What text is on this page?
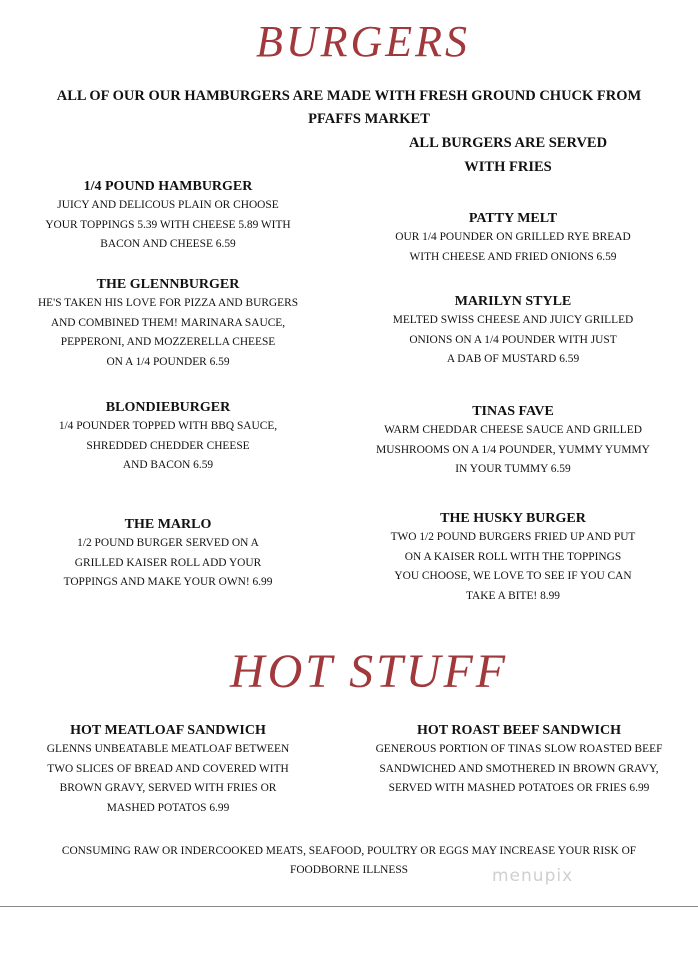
BURGERS
ALL OF OUR OUR HAMBURGERS ARE MADE WITH FRESH GROUND CHUCK FROM
PFAFFS MARKET
ALL BURGERS ARE SERVED
WITH FRIES
1/4 POUND HAMBURGER
JUICY AND DELICOUS PLAIN OR CHOOSE
YOUR TOPPINGS 5.39 WITH CHEESE 5.89 WITH
BACON AND CHEESE 6.59
THE GLENNBURGER
HE'S TAKEN HIS LOVE FOR PIZZA AND BURGERS
AND COMBINED THEM! MARINARA SAUCE,
PEPPERONI, AND MOZZERELLA CHEESE
ON A 1/4 POUNDER 6.59
BLONDIEBURGER
1/4 POUNDER TOPPED WITH BBQ SAUCE,
SHREDDED CHEDDER CHEESE
AND BACON 6.59
THE MARLO
1/2 POUND BURGER SERVED ON A
GRILLED KAISER ROLL ADD YOUR
TOPPINGS AND MAKE YOUR OWN! 6.99
PATTY MELT
OUR 1/4 POUNDER ON GRILLED RYE BREAD
WITH CHEESE AND FRIED ONIONS 6.59
MARILYN STYLE
MELTED SWISS CHEESE AND JUICY GRILLED
ONIONS ON A 1/4 POUNDER WITH JUST
A DAB OF MUSTARD 6.59
TINAS FAVE
WARM CHEDDAR CHEESE SAUCE AND GRILLED
MUSHROOMS ON A 1/4 POUNDER, YUMMY YUMMY
IN YOUR TUMMY 6.59
THE HUSKY BURGER
TWO 1/2 POUND BURGERS FRIED UP AND PUT
ON A KAISER ROLL WITH THE TOPPINGS
YOU CHOOSE, WE LOVE TO SEE IF YOU CAN
TAKE A BITE! 8.99
HOT STUFF
HOT MEATLOAF SANDWICH
GLENNS UNBEATABLE MEATLOAF BETWEEN
TWO SLICES OF BREAD AND COVERED WITH
BROWN GRAVY, SERVED WITH FRIES OR
MASHED POTATOS 6.99
HOT ROAST BEEF SANDWICH
GENEROUS PORTION OF TINAS SLOW ROASTED BEEF
SANDWICHED AND SMOTHERED IN BROWN GRAVY,
SERVED WITH MASHED POTATOES OR FRIES 6.99
CONSUMING RAW OR INDERCOOKED MEATS, SEAFOOD, POULTRY OR EGGS MAY INCREASE YOUR RISK OF
FOODBORNE ILLNESS	menupix
